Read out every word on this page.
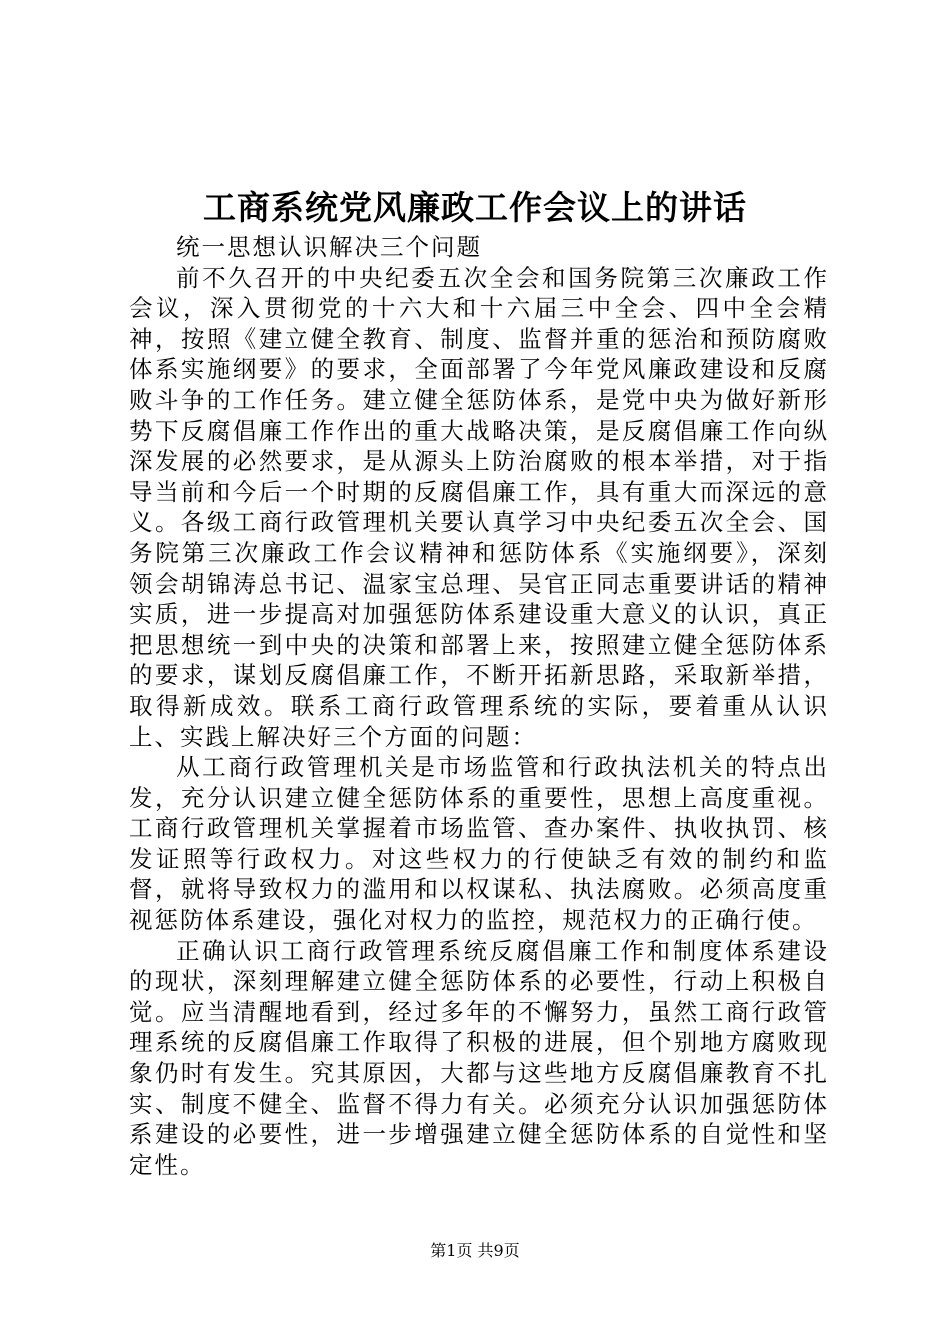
工商系统党风廉政工作会议上的讲话

统一思想认识解决三个问题

前不久召开的中央纪委五次全会和国务院第三次廉政工作会议，深入贯彻党的十六大和十六届三中全会、四中全会精神，按照《建立健全教育、制度、监督并重的惩治和预防腐败体系实施纲要》的要求，全面部署了今年党风廉政建设和反腐败斗争的工作任务。建立健全惩防体系，是党中央为做好新形势下反腐倡廉工作作出的重大战略决策，是反腐倡廉工作向纵深发展的必然要求，是从源头上防治腐败的根本举措，对于指导当前和今后一个时期的反腐倡廉工作，具有重大而深远的意义。各级工商行政管理机关要认真学习中央纪委五次全会、国务院第三次廉政工作会议精神和惩防体系《实施纲要》，深刻领会胡锦涛总书记、温家宝总理、吴官正同志重要讲话的精神实质，进一步提高对加强惩防体系建设重大意义的认识，真正把思想统一到中央的决策和部署上来，按照建立健全惩防体系的要求，谋划反腐倡廉工作，不断开拓新思路，采取新举措，取得新成效。联系工商行政管理系统的实际，要着重从认识上、实践上解决好三个方面的问题：

从工商行政管理机关是市场监管和行政执法机关的特点出发，充分认识建立健全惩防体系的重要性，思想上高度重视。工商行政管理机关掌握着市场监管、查办案件、执收执罚、核发证照等行政权力。对这些权力的行使缺乏有效的制约和监督，就将导致权力的滥用和以权谋私、执法腐败。必须高度重视惩防体系建设，强化对权力的监控，规范权力的正确行使。

正确认识工商行政管理系统反腐倡廉工作和制度体系建设的现状，深刻理解建立健全惩防体系的必要性，行动上积极自觉。应当清醒地看到，经过多年的不懈努力，虽然工商行政管理系统的反腐倡廉工作取得了积极的进展，但个别地方腐败现象仍时有发生。究其原因，大都与这些地方反腐倡廉教育不扎实、制度不健全、监督不得力有关。必须充分认识加强惩防体系建设的必要性，进一步增强建立健全惩防体系的自觉性和坚定性。

第1页 共9页
